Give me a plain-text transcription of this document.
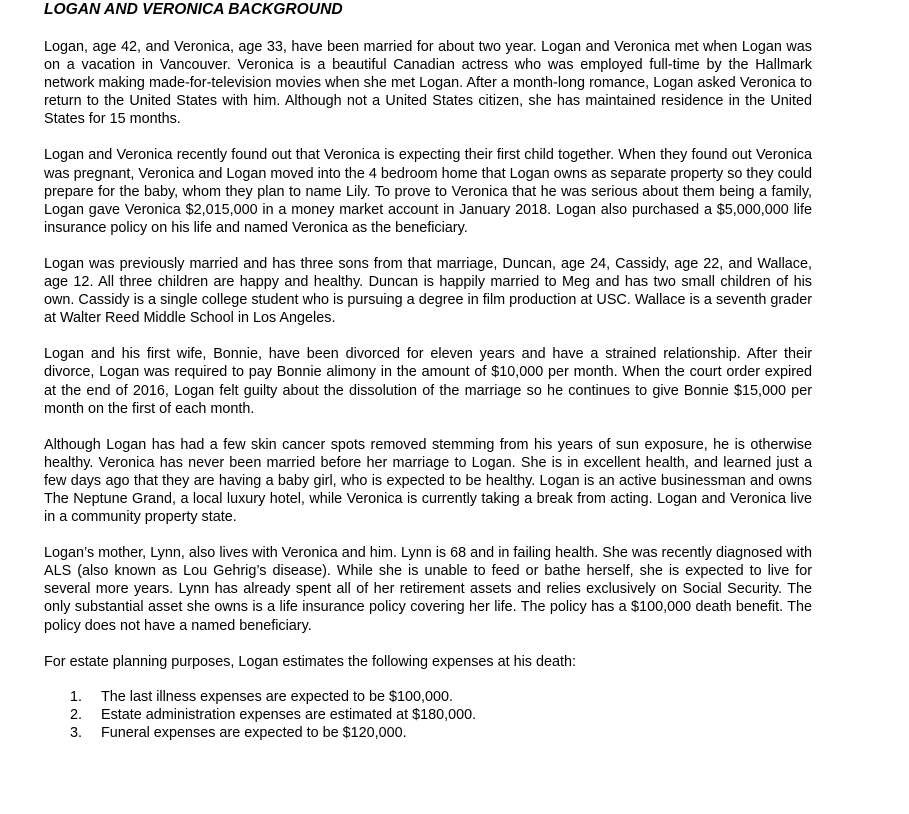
LOGAN AND VERONICA BACKGROUND

Logan, age 42, and Veronica, age 33, have been married for about two year. Logan and Veronica met when Logan was on a vacation in Vancouver. Veronica is a beautiful Canadian actress who was employed full-time by the Hallmark network making made-for-television movies when she met Logan. After a month-long romance, Logan asked Veronica to return to the United States with him. Although not a United States citizen, she has maintained residence in the United States for 15 months.

Logan and Veronica recently found out that Veronica is expecting their first child together. When they found out Veronica was pregnant, Veronica and Logan moved into the 4 bedroom home that Logan owns as separate property so they could prepare for the baby, whom they plan to name Lily. To prove to Veronica that he was serious about them being a family, Logan gave Veronica $2,015,000 in a money market account in January 2018. Logan also purchased a $5,000,000 life insurance policy on his life and named Veronica as the beneficiary.

Logan was previously married and has three sons from that marriage, Duncan, age 24, Cassidy, age 22, and Wallace, age 12. All three children are happy and healthy. Duncan is happily married to Meg and has two small children of his own. Cassidy is a single college student who is pursuing a degree in film production at USC. Wallace is a seventh grader at Walter Reed Middle School in Los Angeles.

Logan and his first wife, Bonnie, have been divorced for eleven years and have a strained relationship. After their divorce, Logan was required to pay Bonnie alimony in the amount of $10,000 per month. When the court order expired at the end of 2016, Logan felt guilty about the dissolution of the marriage so he continues to give Bonnie $15,000 per month on the first of each month.

Although Logan has had a few skin cancer spots removed stemming from his years of sun exposure, he is otherwise healthy. Veronica has never been married before her marriage to Logan. She is in excellent health, and learned just a few days ago that they are having a baby girl, who is expected to be healthy. Logan is an active businessman and owns The Neptune Grand, a local luxury hotel, while Veronica is currently taking a break from acting. Logan and Veronica live in a community property state.

Logan’s mother, Lynn, also lives with Veronica and him. Lynn is 68 and in failing health. She was recently diagnosed with ALS (also known as Lou Gehrig’s disease). While she is unable to feed or bathe herself, she is expected to live for several more years. Lynn has already spent all of her retirement assets and relies exclusively on Social Security. The only substantial asset she owns is a life insurance policy covering her life. The policy has a $100,000 death benefit. The policy does not have a named beneficiary.

For estate planning purposes, Logan estimates the following expenses at his death:

1.	The last illness expenses are expected to be $100,000.
2.	Estate administration expenses are estimated at $180,000.
3.	Funeral expenses are expected to be $120,000.
